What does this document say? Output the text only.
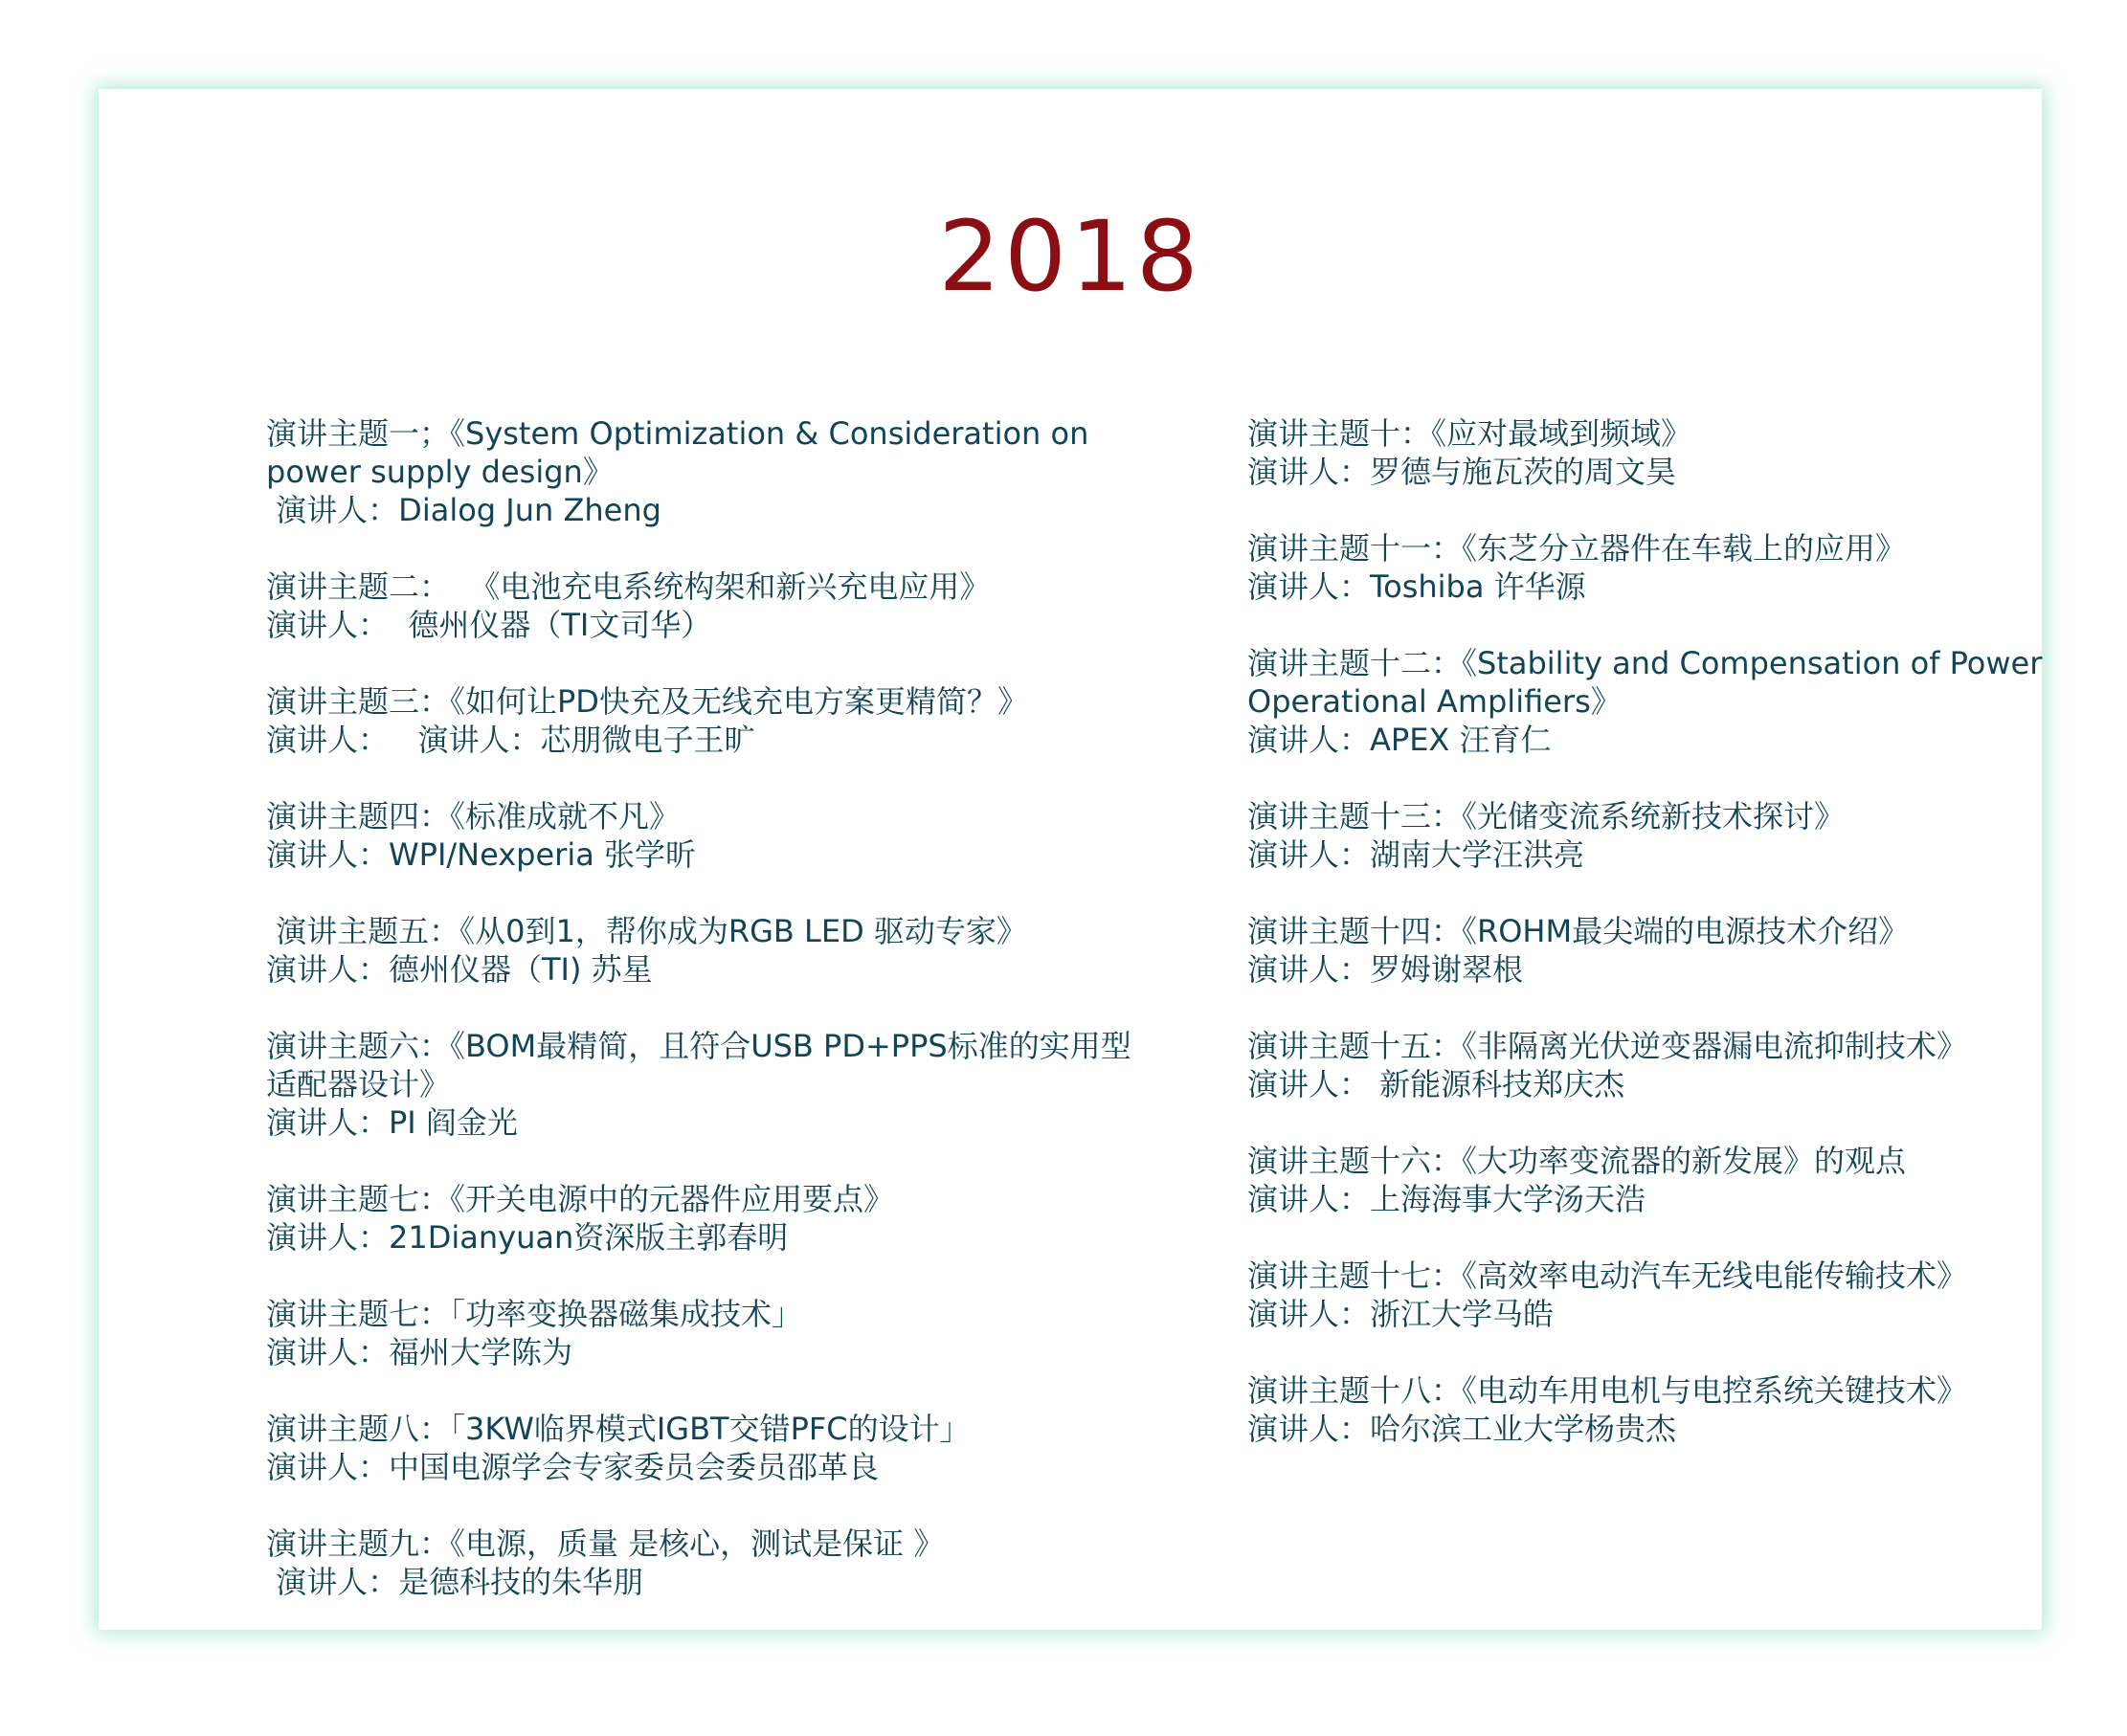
2018
演讲主题一；《System Optimization & Consideration on power supply design》
演讲人：Dialog Jun Zheng
演讲主题二：  《电池充电系统构架和新兴充电应用》
演讲人：  德州仪器（TI文司华）
演讲主题三：《如何让PD快充及无线充电方案更精简？》
演讲人：   演讲人：芯朋微电子王旷
演讲主题四：《标准成就不凡》
演讲人：WPI/Nexperia 张学昕
演讲主题五：《从0到1，帮你成为RGB LED 驱动专家》
演讲人：德州仪器（TI) 苏星
演讲主题六：《BOM最精简，且符合USB PD+PPS标准的实用型适配器设计》
演讲人：PI 阎金光
演讲主题七：《开关电源中的元器件应用要点》
演讲人：21Dianyuan资深版主郭春明
演讲主题七：「功率变换器磁集成技术」
演讲人：福州大学陈为
演讲主题八：「3KW临界模式IGBT交错PFC的设计」
演讲人：中国电源学会专家委员会委员邵革良
演讲主题九：《电源，质量 是核心，测试是保证 》
演讲人：是德科技的朱华朋
演讲主题十：《应对最域到频域》
演讲人：罗德与施瓦茨的周文昊
演讲主题十一：《东芝分立器件在车载上的应用》
演讲人：Toshiba 许华源
演讲主题十二：《Stability and Compensation of Power Operational Amplifiers》
演讲人：APEX 汪育仁
演讲主题十三：《光储变流系统新技术探讨》
演讲人：湖南大学汪洪亮
演讲主题十四：《ROHM最尖端的电源技术介绍》
演讲人：罗姆谢翠根
演讲主题十五：《非隔离光伏逆变器漏电流抑制技术》
演讲人： 新能源科技郑庆杰
演讲主题十六：《大功率变流器的新发展》的观点
演讲人：上海海事大学汤天浩
演讲主题十七：《高效率电动汽车无线电能传输技术》
演讲人：浙江大学马皓
演讲主题十八：《电动车用电机与电控系统关键技术》
演讲人：哈尔滨工业大学杨贵杰
